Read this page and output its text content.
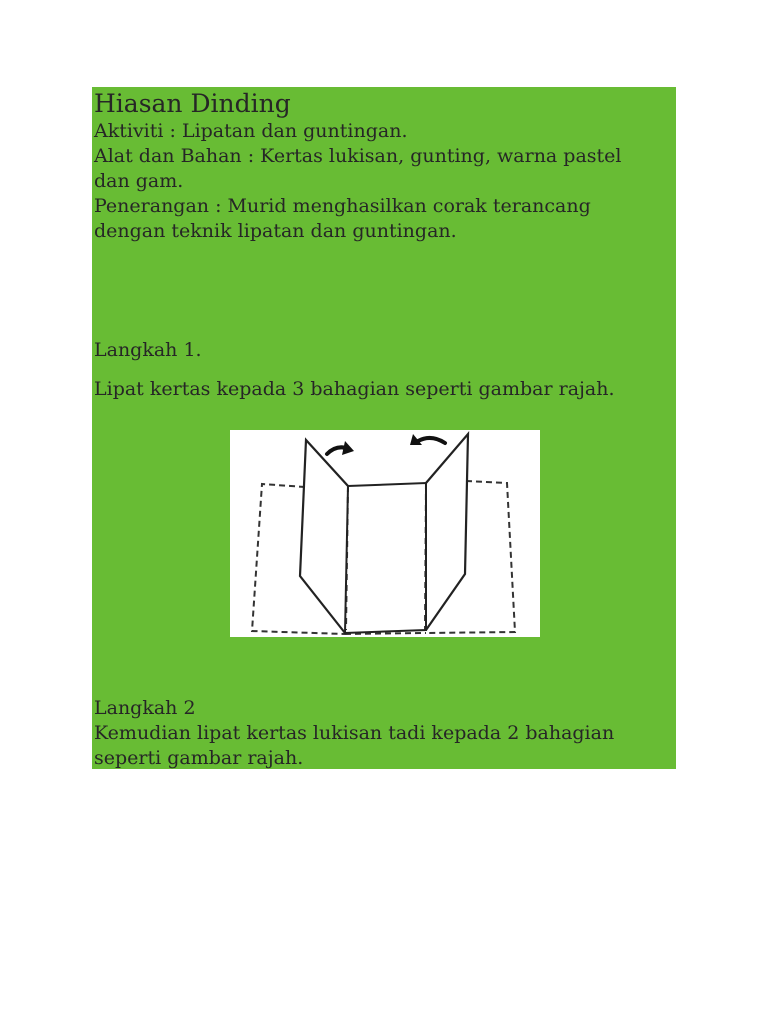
Hiasan Dinding

Aktiviti : Lipatan dan guntingan.

Alat dan Bahan : Kertas lukisan, gunting, warna pastel

dan gam.

Penerangan : Murid menghasilkan corak terancang

dengan teknik lipatan dan guntingan.

Langkah 1.

Lipat kertas kepada 3 bahagian seperti gambar rajah.

Langkah 2

Kemudian lipat kertas lukisan tadi kepada 2 bahagian

seperti gambar rajah.
